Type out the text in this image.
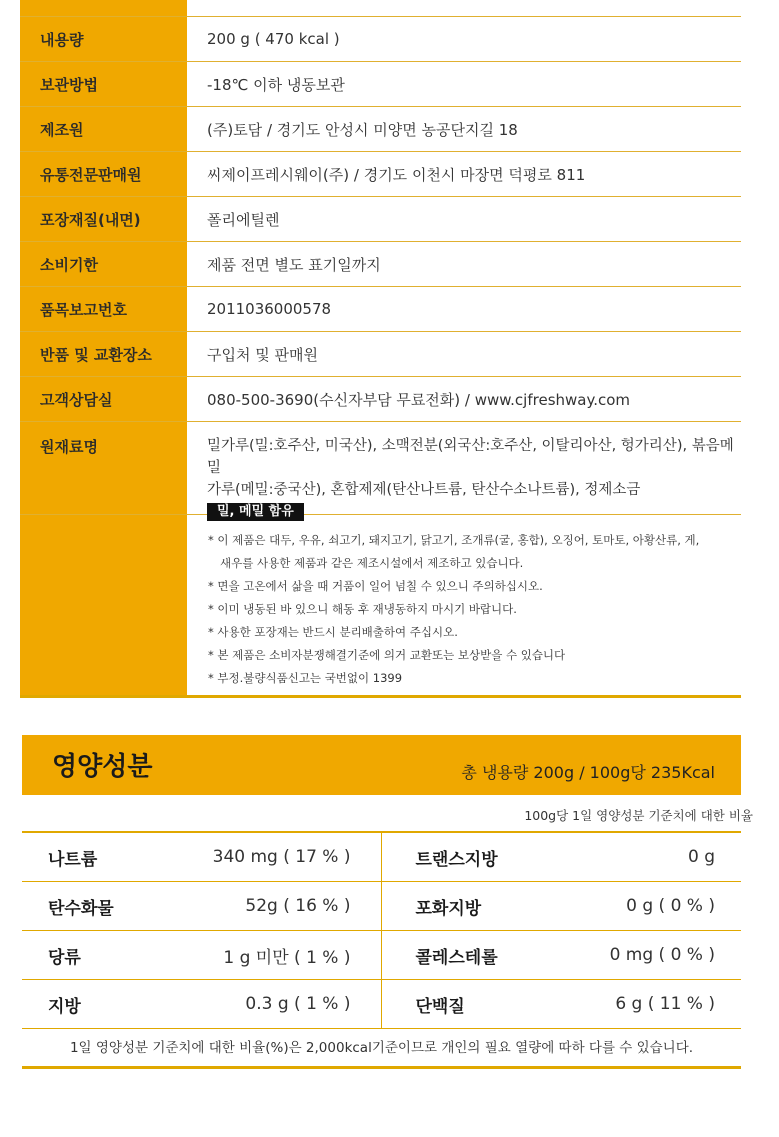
내용량	200 g ( 470 kcal )
보관방법	-18℃ 이하 냉동보관
제조원	(주)토담 / 경기도 안성시 미양면 농공단지길 18
유통전문판매원	씨제이프레시웨이(주) / 경기도 이천시 마장면 덕평로 811
포장재질(내면)	폴리에틸렌
소비기한	제품 전면 별도 표기일까지
품목보고번호	2011036000578
반품 및 교환장소	구입처 및 판매원
고객상담실	080-500-3690(수신자부담 무료전화) / www.cjfreshway.com
원재료명	밀가루(밀:호주산, 미국산), 소맥전분(외국산:호주산, 이탈리아산, 헝가리산), 볶음메밀
가루(메밀:중국산), 혼합제제(탄산나트륨, 탄산수소나트륨), 정제소금
밀, 메밀 함유
* 이 제품은 대두, 우유, 쇠고기, 돼지고기, 닭고기, 조개류(굴, 홍합), 오징어, 토마토, 아황산류, 게,
새우를 사용한 제품과 같은 제조시설에서 제조하고 있습니다.
* 면을 고온에서 삶을 때 거품이 일어 넘칠 수 있으니 주의하십시오.
* 이미 냉동된 바 있으니 해동 후 재냉동하지 마시기 바랍니다.
* 사용한 포장재는 반드시 분리배출하여 주십시오.
* 본 제품은 소비자분쟁해결기준에 의거 교환또는 보상받을 수 있습니다
* 부정.불량식품신고는 국번없이 1399
영양성분	총 냉용량 200g / 100g당 235Kcal
100g당 1일 영양성분 기준치에 대한 비율
나트륨	340 mg ( 17 % )	트랜스지방	0 g
탄수화물	52g ( 16 % )	포화지방	0 g ( 0 % )
당류	1 g 미만 ( 1 % )	콜레스테롤	0 mg ( 0 % )
지방	0.3 g ( 1 % )	단백질	6 g ( 11 % )
1일 영양성분 기준치에 대한 비율(%)은 2,000kcal기준이므로 개인의 필요 열량에 따하 다를 수 있습니다.
